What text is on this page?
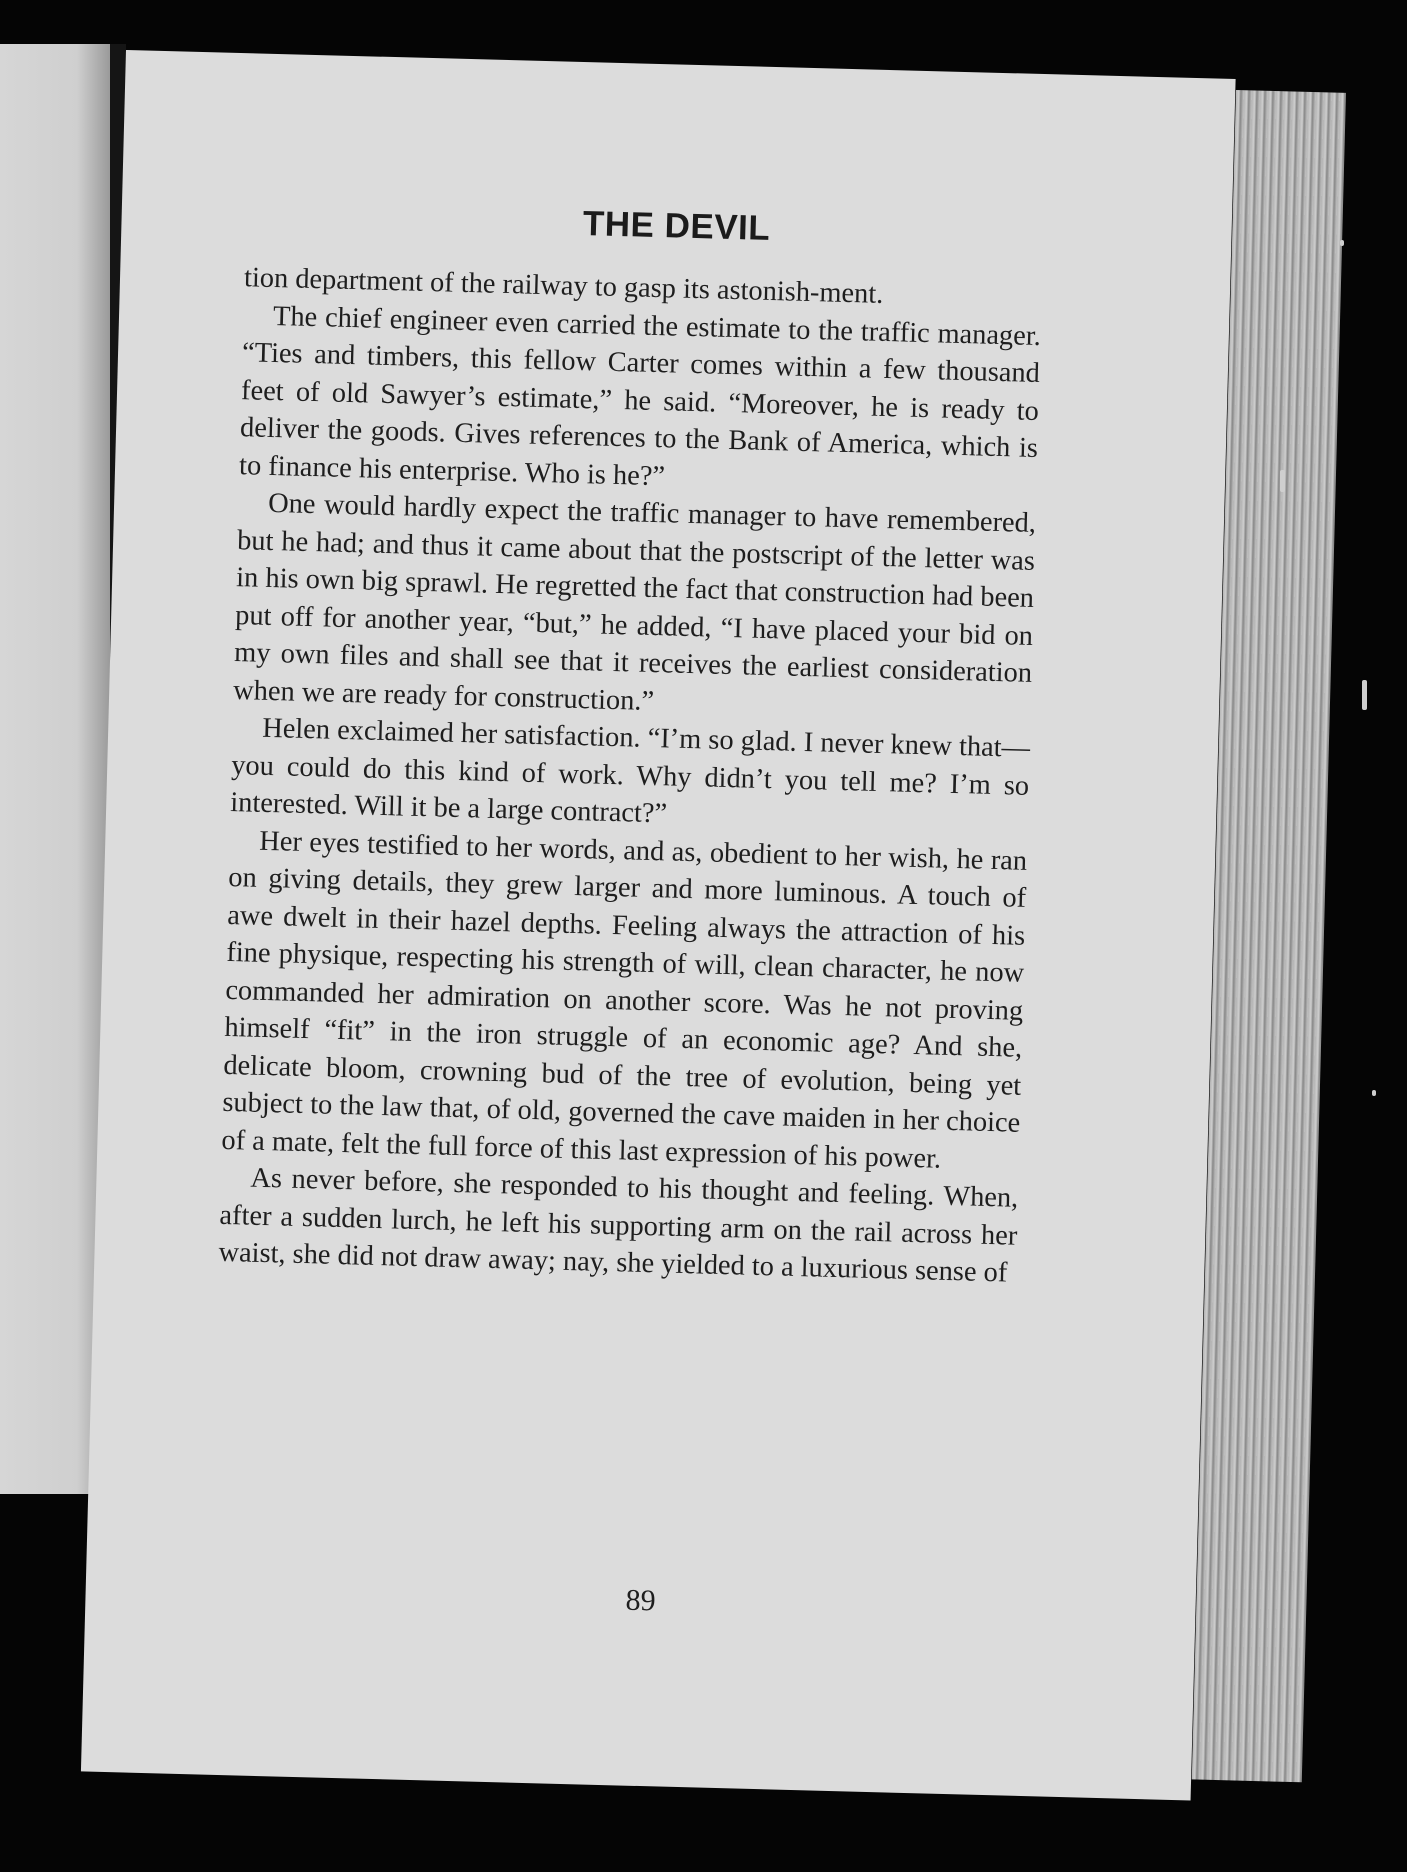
THE DEVIL

tion department of the railway to gasp its astonish-ment.

The chief engineer even carried the estimate to the traffic manager. “Ties and timbers, this fellow Carter comes within a few thousand feet of old Sawyer’s estimate,” he said. “Moreover, he is ready to deliver the goods. Gives references to the Bank of America, which is to finance his enterprise. Who is he?”

One would hardly expect the traffic manager to have remembered, but he had; and thus it came about that the postscript of the letter was in his own big sprawl. He regretted the fact that construction had been put off for another year, “but,” he added, “I have placed your bid on my own files and shall see that it receives the earliest consideration when we are ready for construction.”

Helen exclaimed her satisfaction. “I’m so glad. I never knew that—you could do this kind of work. Why didn’t you tell me? I’m so interested. Will it be a large contract?”

Her eyes testified to her words, and as, obedient to her wish, he ran on giving details, they grew larger and more luminous. A touch of awe dwelt in their hazel depths. Feeling always the attraction of his fine physique, respecting his strength of will, clean character, he now commanded her admiration on another score. Was he not proving himself “fit” in the iron struggle of an economic age? And she, delicate bloom, crowning bud of the tree of evolution, being yet subject to the law that, of old, governed the cave maiden in her choice of a mate, felt the full force of this last expression of his power.

As never before, she responded to his thought and feeling. When, after a sudden lurch, he left his supporting arm on the rail across her waist, she did not draw away; nay, she yielded to a luxurious sense of

89
